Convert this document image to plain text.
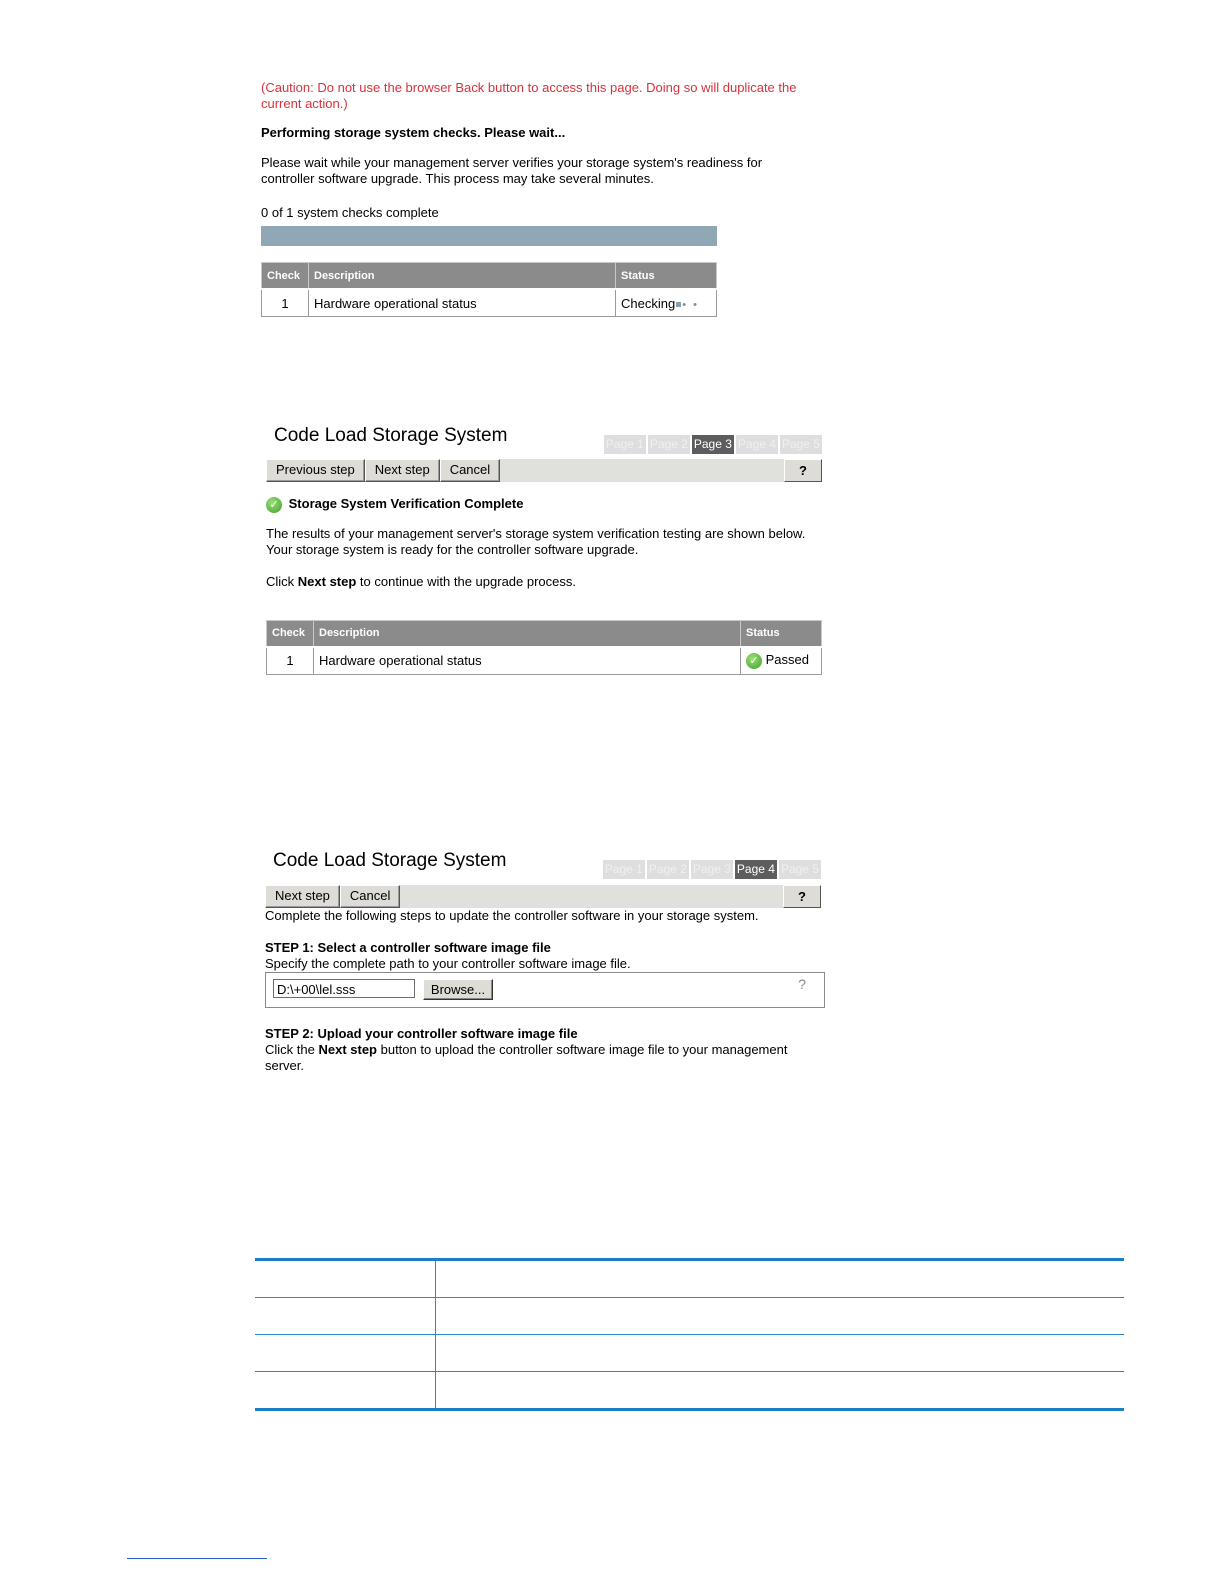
(Caution: Do not use the browser Back button to access this page. Doing so will duplicate the current action.)
Performing storage system checks. Please wait...
Please wait while your management server verifies your storage system's readiness for
controller software upgrade. This process may take several minutes.
0 of 1 system checks complete
Check	Description	Status
1	Hardware operational status	Checking • •
Code Load Storage System	Page 1 Page 2 Page 3 Page 4 Page 5
Previous step	Next step	Cancel	?
✓ Storage System Verification Complete
The results of your management server's storage system verification testing are shown below.
Your storage system is ready for the controller software upgrade.
Click Next step to continue with the upgrade process.
Check	Description	Status
1	Hardware operational status	✓ Passed
Code Load Storage System	Page 1 Page 2 Page 3 Page 4 Page 5
Next step	Cancel	?
Complete the following steps to update the controller software in your storage system.
STEP 1: Select a controller software image file
Specify the complete path to your controller software image file.
D:\+00\lel.sss	Browse...	?
STEP 2: Upload your controller software image file
Click the Next step button to upload the controller software image file to your management
server.
